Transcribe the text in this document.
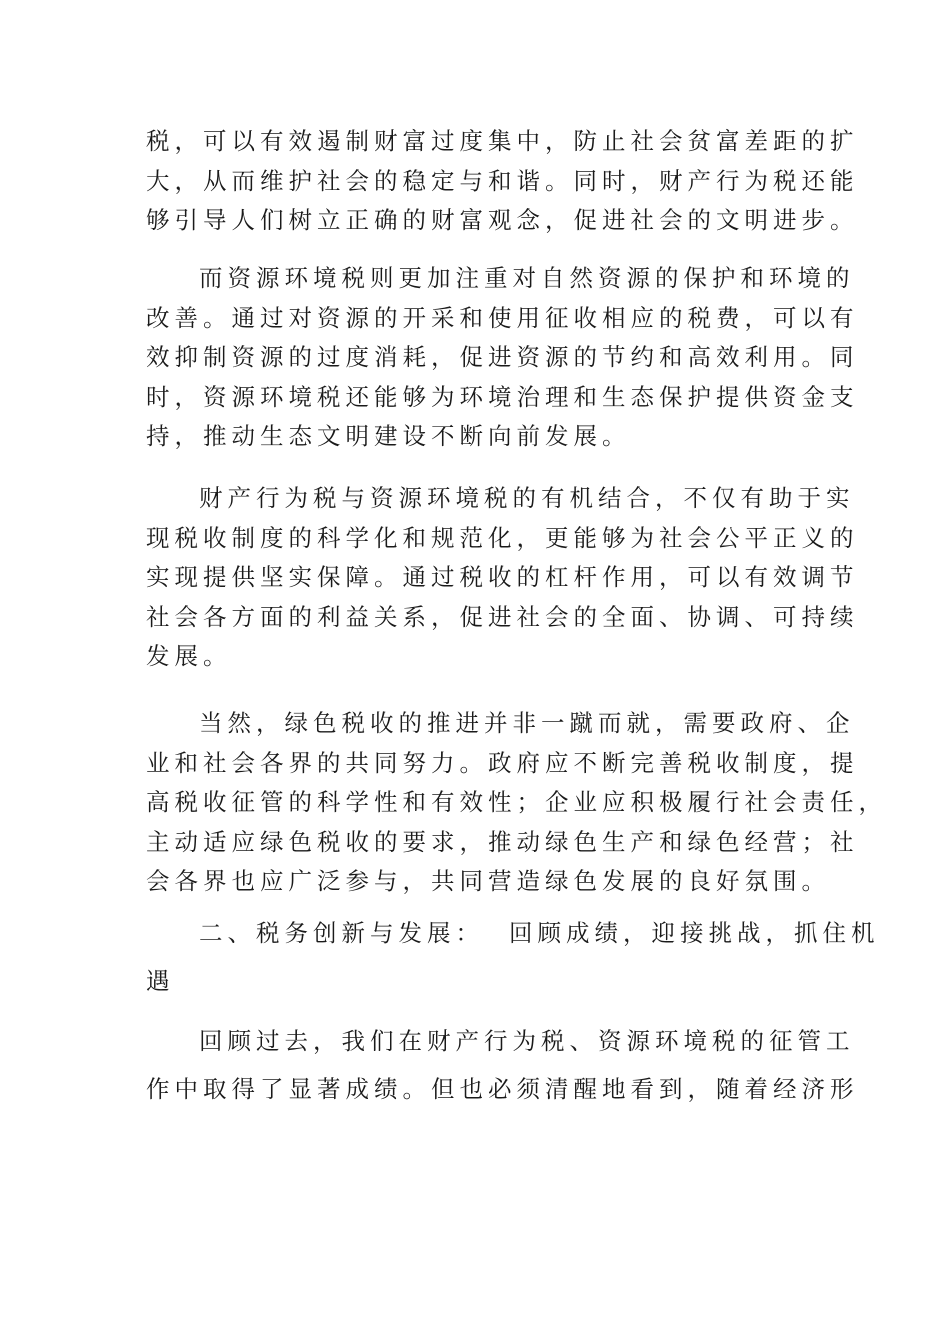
税，可以有效遏制财富过度集中，防止社会贫富差距的扩
大，从而维护社会的稳定与和谐。同时，财产行为税还能
够引导人们树立正确的财富观念，促进社会的文明进步。

而资源环境税则更加注重对自然资源的保护和环境的
改善。通过对资源的开采和使用征收相应的税费，可以有
效抑制资源的过度消耗，促进资源的节约和高效利用。同
时，资源环境税还能够为环境治理和生态保护提供资金支
持，推动生态文明建设不断向前发展。

财产行为税与资源环境税的有机结合，不仅有助于实
现税收制度的科学化和规范化，更能够为社会公平正义的
实现提供坚实保障。通过税收的杠杆作用，可以有效调节
社会各方面的利益关系，促进社会的全面、协调、可持续
发展。

当然，绿色税收的推进并非一蹴而就，需要政府、企
业和社会各界的共同努力。政府应不断完善税收制度，提
高税收征管的科学性和有效性；企业应积极履行社会责任，
主动适应绿色税收的要求，推动绿色生产和绿色经营；社
会各界也应广泛参与，共同营造绿色发展的良好氛围。

二、税务创新与发展：  回顾成绩，迎接挑战，抓住机

遇

回顾过去，我们在财产行为税、资源环境税的征管工
作中取得了显著成绩。但也必须清醒地看到，随着经济形
